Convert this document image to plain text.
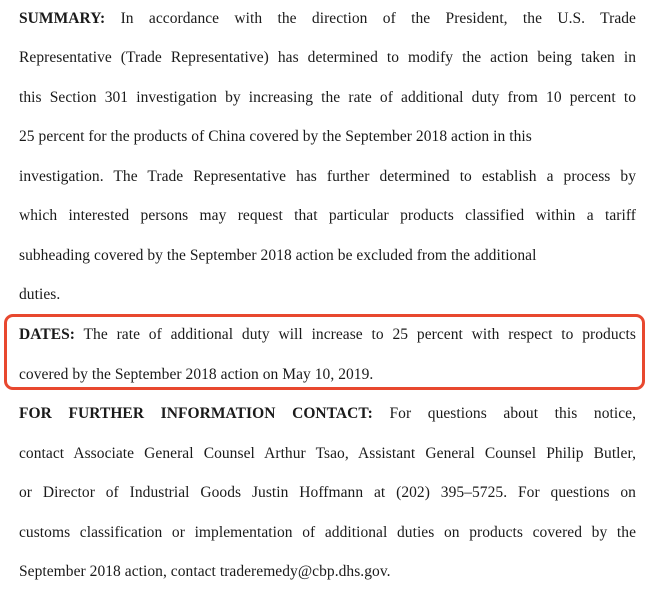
SUMMARY: In accordance with the direction of the President, the U.S. Trade
Representative (Trade Representative) has determined to modify the action being taken in
this Section 301 investigation by increasing the rate of additional duty from 10 percent to
25 percent for the products of China covered by the September 2018 action in this
investigation. The Trade Representative has further determined to establish a process by
which interested persons may request that particular products classified within a tariff
subheading covered by the September 2018 action be excluded from the additional
duties.
DATES: The rate of additional duty will increase to 25 percent with respect to products
covered by the September 2018 action on May 10, 2019.
FOR FURTHER INFORMATION CONTACT: For questions about this notice,
contact Associate General Counsel Arthur Tsao, Assistant General Counsel Philip Butler,
or Director of Industrial Goods Justin Hoffmann at (202) 395–5725. For questions on
customs classification or implementation of additional duties on products covered by the
September 2018 action, contact traderemedy@cbp.dhs.gov.
